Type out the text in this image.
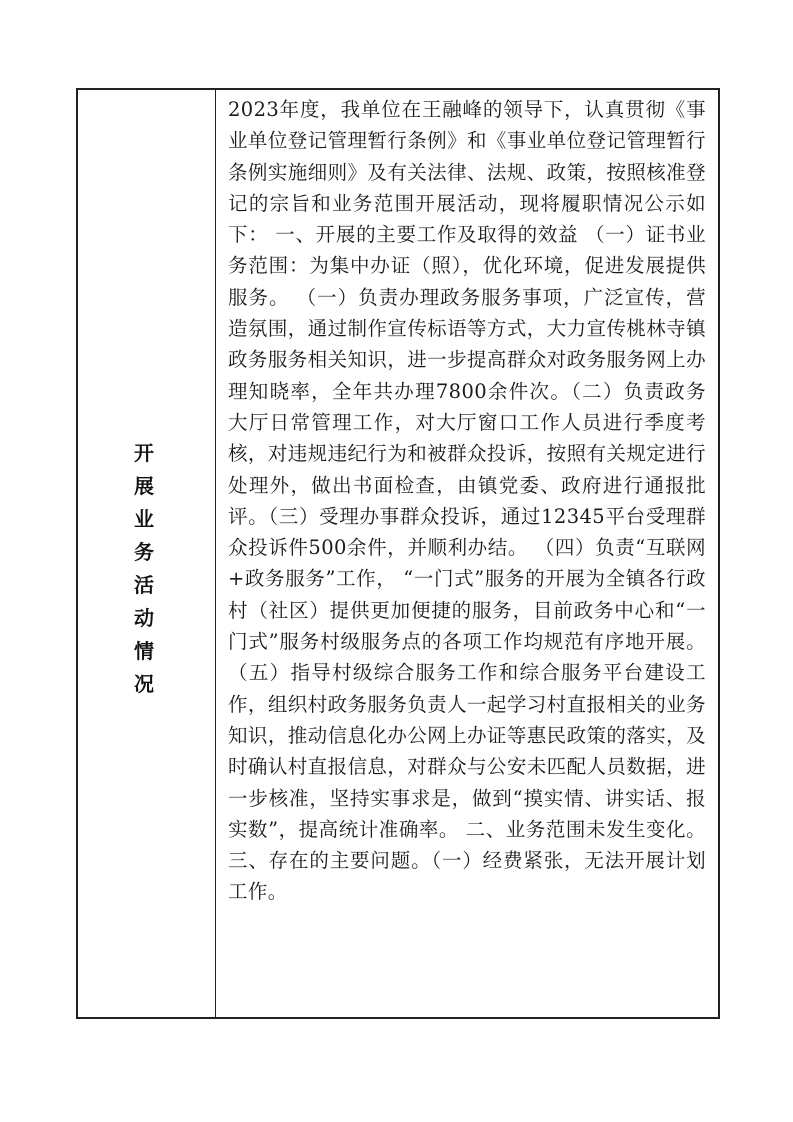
开展业务活动情况
2023年度，我单位在王融峰的领导下，认真贯彻《事业单位登记管理暂行条例》和《事业单位登记管理暂行条例实施细则》及有关法律、法规、政策，按照核准登记的宗旨和业务范围开展活动，现将履职情况公示如下： 一、开展的主要工作及取得的效益 （一）证书业务范围：为集中办证（照），优化环境，促进发展提供服务。 （一）负责办理政务服务事项，广泛宣传，营造氛围，通过制作宣传标语等方式，大力宣传桃林寺镇政务服务相关知识，进一步提高群众对政务服务网上办理知晓率，全年共办理7800余件次。（二）负责政务大厅日常管理工作，对大厅窗口工作人员进行季度考核，对违规违纪行为和被群众投诉，按照有关规定进行处理外，做出书面检查，由镇党委、政府进行通报批评。（三）受理办事群众投诉，通过12345平台受理群众投诉件500余件，并顺利办结。 （四）负责“互联网+政务服务”工作， “一门式”服务的开展为全镇各行政村（社区）提供更加便捷的服务，目前政务中心和“一门式”服务村级服务点的各项工作均规范有序地开展。 （五）指导村级综合服务工作和综合服务平台建设工作，组织村政务服务负责人一起学习村直报相关的业务知识，推动信息化办公网上办证等惠民政策的落实，及时确认村直报信息，对群众与公安未匹配人员数据，进一步核准，坚持实事求是，做到“摸实情、讲实话、报实数”，提高统计准确率。 二、业务范围未发生变化。 三、存在的主要问题。（一）经费紧张，无法开展计划工作。
